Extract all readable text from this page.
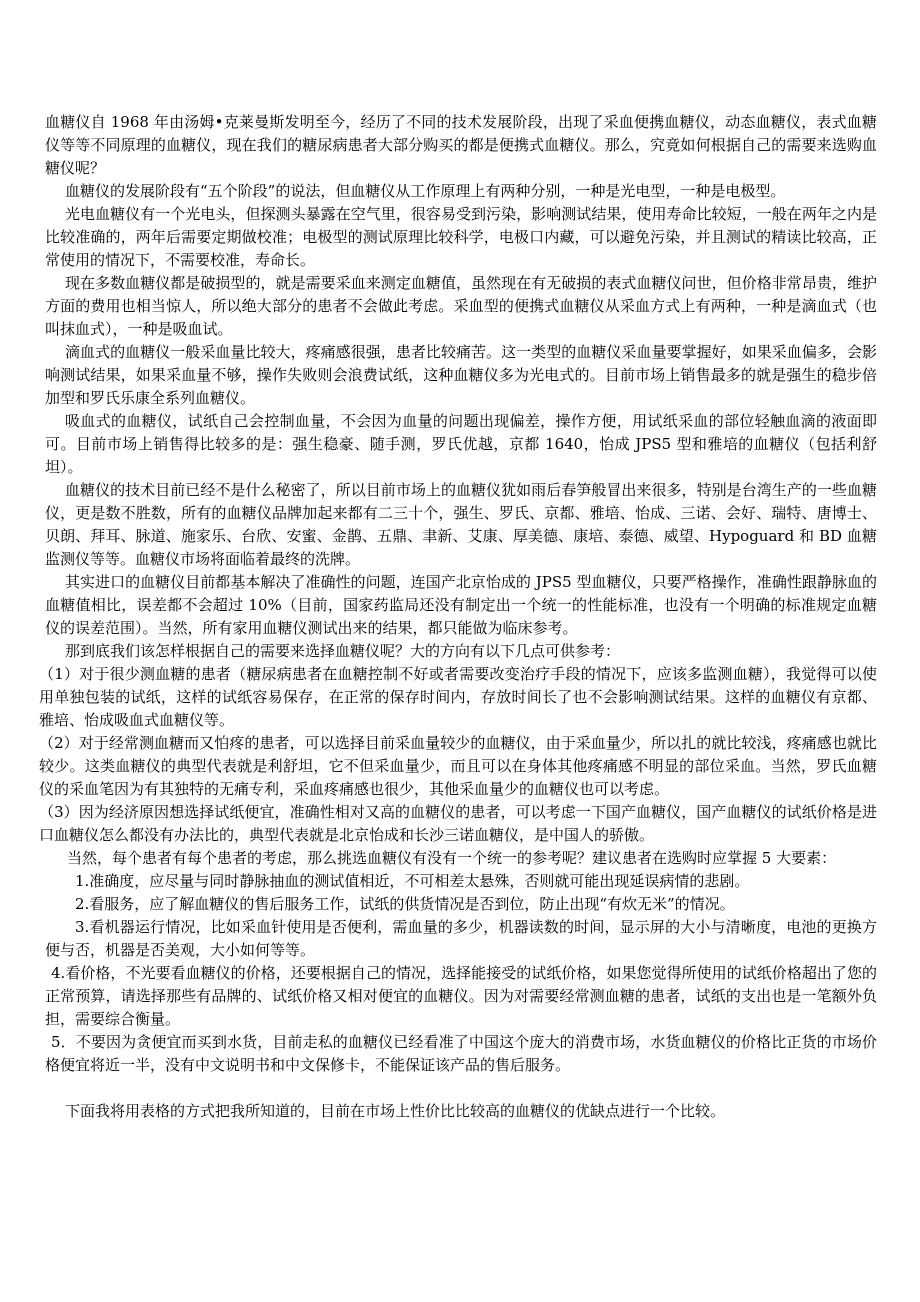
血糖仪自 1968 年由汤姆•克莱曼斯发明至今，经历了不同的技术发展阶段，出现了采血便携血糖仪，动态血糖仪，表式血糖仪等等不同原理的血糖仪，现在我们的糖尿病患者大部分购买的都是便携式血糖仪。那么，究竟如何根据自己的需要来选购血糖仪呢？

血糖仪的发展阶段有“五个阶段”的说法，但血糖仪从工作原理上有两种分别，一种是光电型，一种是电极型。

光电血糖仪有一个光电头，但探测头暴露在空气里，很容易受到污染，影响测试结果，使用寿命比较短，一般在两年之内是比较准确的，两年后需要定期做校准；电极型的测试原理比较科学，电极口内藏，可以避免污染，并且测试的精读比较高，正常使用的情况下，不需要校准，寿命长。

现在多数血糖仪都是破损型的，就是需要采血来测定血糖值，虽然现在有无破损的表式血糖仪问世，但价格非常昂贵，维护方面的费用也相当惊人，所以绝大部分的患者不会做此考虑。采血型的便携式血糖仪从采血方式上有两种，一种是滴血式（也叫抹血式），一种是吸血试。

滴血式的血糖仪一般采血量比较大，疼痛感很强，患者比较痛苦。这一类型的血糖仪采血量要掌握好，如果采血偏多，会影响测试结果，如果采血量不够，操作失败则会浪费试纸，这种血糖仪多为光电式的。目前市场上销售最多的就是强生的稳步倍加型和罗氏乐康全系列血糖仪。

吸血式的血糖仪，试纸自己会控制血量，不会因为血量的问题出现偏差，操作方便，用试纸采血的部位轻触血滴的液面即可。目前市场上销售得比较多的是：强生稳豪、随手测，罗氏优越，京都 1640，怡成 JPS5 型和雅培的血糖仪（包括利舒坦）。

血糖仪的技术目前已经不是什么秘密了，所以目前市场上的血糖仪犹如雨后春笋般冒出来很多，特别是台湾生产的一些血糖仪，更是数不胜数，所有的血糖仪品牌加起来都有二三十个，强生、罗氏、京都、雅培、怡成、三诺、会好、瑞特、唐博士、贝朗、拜耳、脉道、施家乐、台欣、安蜜、金鹊、五鼎、聿新、艾康、厚美德、康培、泰德、威望、Hypoguard 和 BD 血糖监测仪等等。血糖仪市场将面临着最终的洗牌。

其实进口的血糖仪目前都基本解决了准确性的问题，连国产北京怡成的 JPS5 型血糖仪，只要严格操作，准确性跟静脉血的血糖值相比，误差都不会超过 10%（目前，国家药监局还没有制定出一个统一的性能标准，也没有一个明确的标准规定血糖仪的误差范围）。当然，所有家用血糖仪测试出来的结果，都只能做为临床参考。

那到底我们该怎样根据自己的需要来选择血糖仪呢？大的方向有以下几点可供参考：

（1）对于很少测血糖的患者（糖尿病患者在血糖控制不好或者需要改变治疗手段的情况下，应该多监测血糖），我觉得可以使用单独包装的试纸，这样的试纸容易保存，在正常的保存时间内，存放时间长了也不会影响测试结果。这样的血糖仪有京都、雅培、怡成吸血式血糖仪等。

（2）对于经常测血糖而又怕疼的患者，可以选择目前采血量较少的血糖仪，由于采血量少，所以扎的就比较浅，疼痛感也就比较少。这类血糖仪的典型代表就是利舒坦，它不但采血量少，而且可以在身体其他疼痛感不明显的部位采血。当然，罗氏血糖仪的采血笔因为有其独特的无痛专利，采血疼痛感也很少，其他采血量少的血糖仪也可以考虑。

（3）因为经济原因想选择试纸便宜，准确性相对又高的血糖仪的患者，可以考虑一下国产血糖仪，国产血糖仪的试纸价格是进口血糖仪怎么都没有办法比的，典型代表就是北京怡成和长沙三诺血糖仪，是中国人的骄傲。

当然，每个患者有每个患者的考虑，那么挑选血糖仪有没有一个统一的参考呢？建议患者在选购时应掌握 5 大要素：

1.准确度，应尽量与同时静脉抽血的测试值相近，不可相差太悬殊，否则就可能出现延误病情的悲剧。

2.看服务，应了解血糖仪的售后服务工作，试纸的供货情况是否到位，防止出现“有炊无米”的情况。

3.看机器运行情况，比如采血针使用是否便利，需血量的多少，机器读数的时间，显示屏的大小与清晰度，电池的更换方便与否，机器是否美观，大小如何等等。

4.看价格，不光要看血糖仪的价格，还要根据自己的情况，选择能接受的试纸价格，如果您觉得所使用的试纸价格超出了您的正常预算，请选择那些有品牌的、试纸价格又相对便宜的血糖仪。因为对需要经常测血糖的患者，试纸的支出也是一笔额外负担，需要综合衡量。

5．不要因为贪便宜而买到水货，目前走私的血糖仪已经看准了中国这个庞大的消费市场，水货血糖仪的价格比正货的市场价格便宜将近一半，没有中文说明书和中文保修卡，不能保证该产品的售后服务。

下面我将用表格的方式把我所知道的，目前在市场上性价比比较高的血糖仪的优缺点进行一个比较。
